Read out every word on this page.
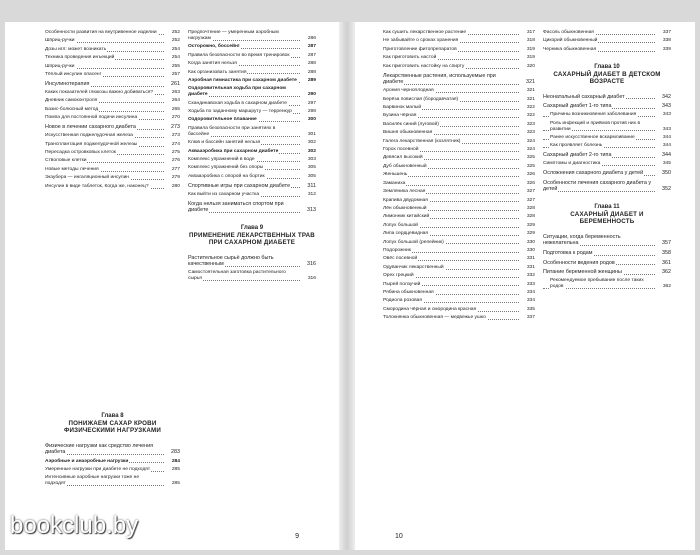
Особенности развития на внутривенное изделии	252
Шприц-ручки	252
Дозы игл: может возникать	254
Техника проведения инъекций	254
Шприц-ручки	255
Тёплый инсулин опасен!	257
Инсулинотерапия	261
Каких показателей глюкозы важно добиваться?	263
Дневник самоконтроля	264
Базис-болюсный метод	265
Помпа для постоянной подачи инсулина	270
Новое в лечении сахарного диабета	273
Искусственная поджелудочная железа	273
Трансплантация поджелудочной железы	274
Пересадка островковых клеток	275
Стволовые клетки	276
Новые методы лечения	277
Экзубера — ингаляционный инсулин	279
Инсулин в виде таблеток, Когда же, наконец?	280
Глава 8
ПОНИЖАЕМ САХАР КРОВИ ФИЗИЧЕСКИМИ НАГРУЗКАМИ
Физические нагрузки как средство лечения диабета	283
Аэробные и анаэробные нагрузки	284
Умеренные нагрузки при диабете не подходят	285
Интенсивные аэробные нагрузки тоже не подходят	285
Предпочтение — умеренным аэробным нагрузкам	286
Осторожно, боссейн!	287
Правила безопасности во время тренировок	287
Когда занятия нельзя	288
Как организовать занятия	288
Аэробная гимнастика при сахарном диабете 289
Оздоровительная ходьба при сахарном диабете	290
Скандинавская ходьба в сахарном диабете	297
Ходьба по заданному маршруту — терренкур	298
Оздоровительное плавание	300
Правила безопасности при занятиях в бассейне	301
Клюв и бассейн занятий нельзя	302
Аквааэробика при сахарном диабете	302
Комплекс упражнений в воде	303
Комплекс упражнений без опоры	305
Аквааэробика с опорой на бортик	305
Спортивные игры при сахарном диабете	311
Как выйти из сахарном участка	312
Когда нельзя заниматься спортом при диабете	313
Глава 9
ПРИМЕНЕНИЕ ЛЕКАРСТВЕННЫХ ТРАВ ПРИ САХАРНОМ ДИАБЕТЕ
Растительное сырьё должно быть качественным	316
Самостоятельная заготовка растительного сырья	316
9
Как сушить лекарственное растение	317
Не забывайте о сроках хранения	318
Приготовление фитопрепаратов	319
Как приготовить настой	319
Как приготовить настойку на спирту	320
Лекарственные растения, используемые при диабете	321
Арония черноплодная	321
Берёза повислая (бородавчатая)	321
Барвинок малый	322
Бузина чёрная	322
Василёк синий (луговой)	323
Вишня обыкновенная	323
Галега лекарственная (козлятник)	324
Горох посевной	324
Девясил высокий	325
Дуб обыкновенный	325
Женьшень	326
Заманиха	326
Земляника лесная	327
Крапива двудомная	327
Лён обыкновенный	328
Лимонник китайский	328
Лопух большой	329
Липа сердцевидная	329
Лопух большой (репейник)	330
Подорожник	330
Овёс посевной	331
Одуванчик лекарственный	331
Орех грецкий	332
Пырей ползучий	333
Рябина обыкновенная	334
Родиола розовая	334
Смородина чёрная и смородина красная	335
Толокнянка обыкновенная — медвежье ушко	337
Фасоль обыкновенная	337
Цикорий обыкновенный	338
Черника обыкновенная	339
Глава 10
САХАРНЫЙ ДИАБЕТ В ДЕТСКОМ ВОЗРАСТЕ
Неонатальный сахарный диабет	342
Сахарный диабет 1-го типа	343
Причины возникновения заболевания	343
Роль инфекций и приёмов против них в развитии	343
Ранее искусственное вскармливание	344
Как проявляет болезнь	344
Сахарный диабет 2-го типа	344
Симптомы и диагностика	345
Осложнения сахарного диабета у детей	350
Особенности лечения сахарного диабета у детей	352
Глава 11
САХАРНЫЙ ДИАБЕТ И БЕРЕМЕННОСТЬ
Ситуации, когда беременность нежелательна	357
Подготовка к родам	358
Особенности ведения родов	361
Питание беременной женщины	362
Рекомендуемое пребывание после таких родов	362
10
bookclub.by
